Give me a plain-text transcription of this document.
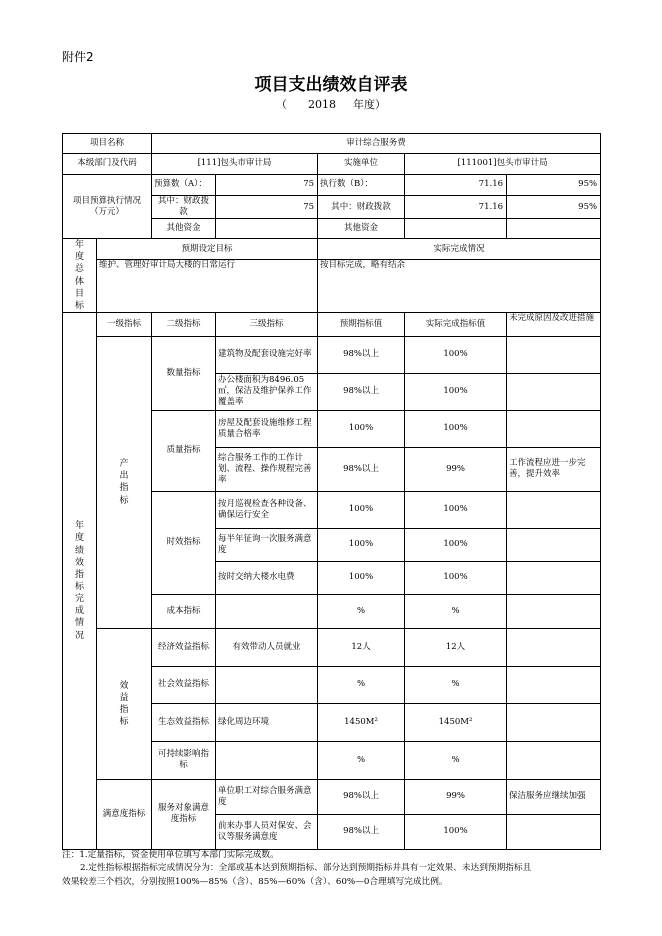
附件2
项目支出绩效自评表
（ 2018 年度）
项目名称		审计综合服务费				
本级部门及代码		[111]包头市审计局		实施单位	[111001]包头市审计局	
项目预算执行情况（万元）		预算数（A）：	75	执行数（B）：	71.16	95%
		其中：财政拨款	75	其中：财政拨款	71.16	95%
		其他资金		其他资金		
年度总体目标	预期设定目标			实际完成情况		
	维护、管理好审计局大楼的日常运行			按目标完成，略有结余		
年度绩效指标完成情况	一级指标	二级指标	三级指标	预期指标值	实际完成指标值	未完成原因及改进措施
	产出指标	数量指标	建筑物及配套设施完好率	98%以上	100%	
			办公楼面积为8496.05㎡，保洁及维护保养工作覆盖率	98%以上	100%	
		质量指标	房屋及配套设施维修工程质量合格率	100%	100%	
			综合服务工作的工作计划、流程、操作规程完善率	98%以上	99%	工作流程应进一步完善，提升效率
		时效指标	按月巡视检查各种设备、确保运行安全	100%	100%	
			每半年征询一次服务满意度	100%	100%	
			按时交纳大楼水电费	100%	100%	
		成本指标		%	%	
	效益指标	经济效益指标	有效带动人员就业	12人	12人	
		社会效益指标		%	%	
		生态效益指标	绿化周边环境	1450M²	1450M²	
		可持续影响指标		%	%	
	满意度指标	服务对象满意度指标	单位职工对综合服务满意度	98%以上	99%	保洁服务应继续加强
			前来办事人员对保安、会议等服务满意度	98%以上	100%	

注：1.定量指标，资金使用单位填写本部门实际完成数。

2.定性指标根据指标完成情况分为：全部或基本达到预期指标、部分达到预期指标并具有一定效果、未达到预期指标且

效果较差三个档次，分别按照100%—85%（含）、85%—60%（含）、60%—0合理填写完成比例。
